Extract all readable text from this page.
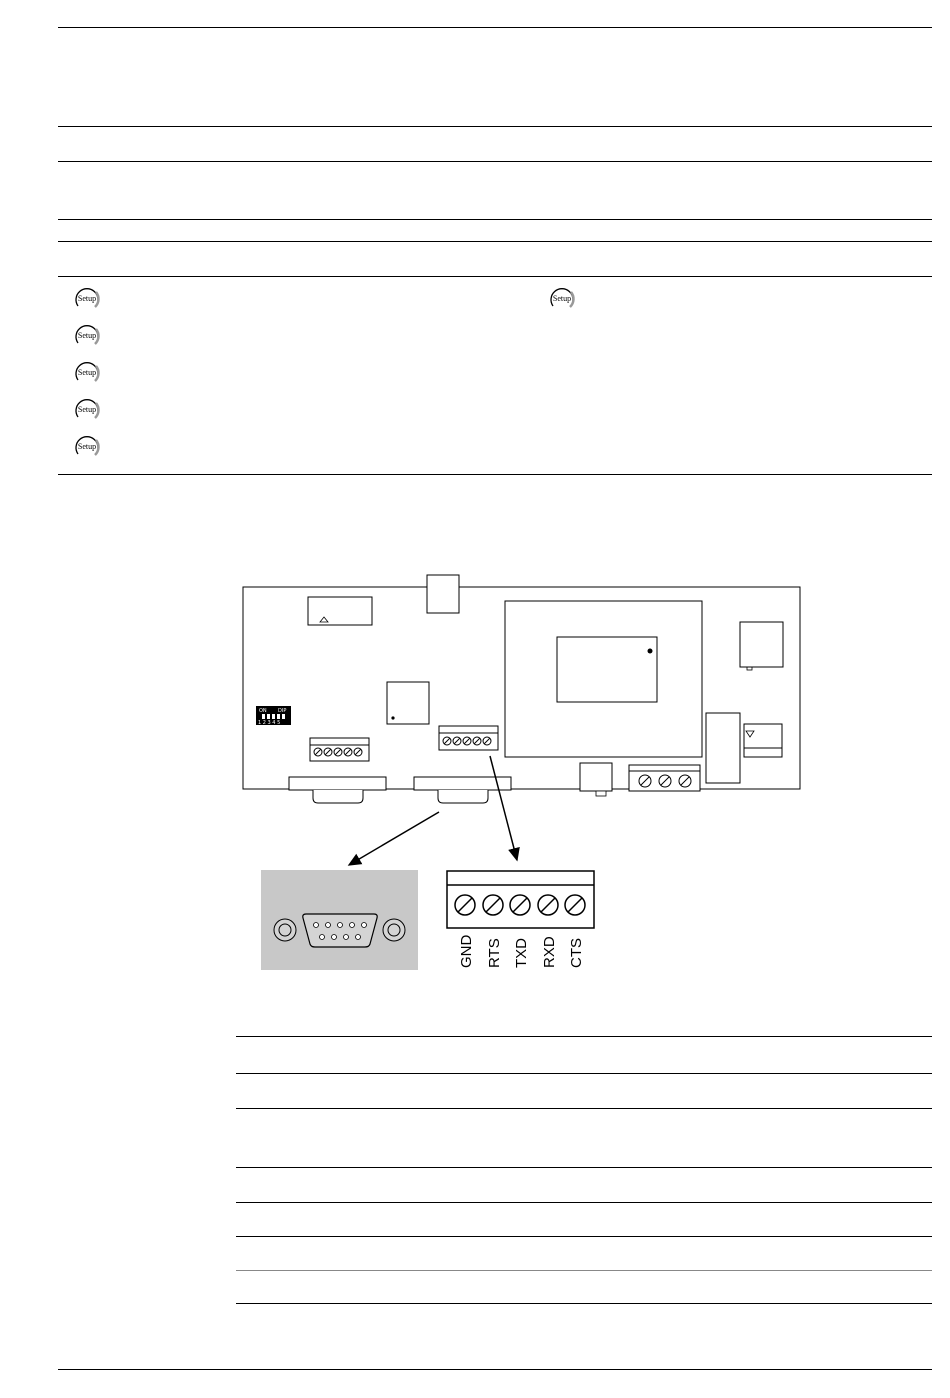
Setup	Setup
Setup
Setup
Setup
Setup
ON DIP
1 2 3 4 5
GND RTS TXD RXD CTS
